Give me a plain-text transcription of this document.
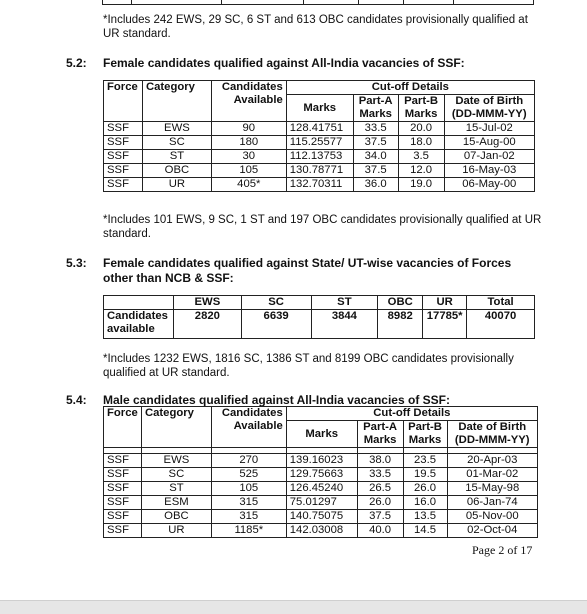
*Includes 242 EWS, 29 SC, 6 ST and 613 OBC candidates provisionally qualified at UR standard.
5.2: Female candidates qualified against All-India vacancies of SSF:
Force	Category	Candidates Available	Cut-off Details			
			Marks	Part-A Marks	Part-B Marks	Date of Birth (DD-MMM-YY)
SSF	EWS	90	128.41751	33.5	20.0	15-Jul-02
SSF	SC	180	115.25577	37.5	18.0	15-Aug-00
SSF	ST	30	112.13753	34.0	3.5	07-Jan-02
SSF	OBC	105	130.78771	37.5	12.0	16-May-03
SSF	UR	405*	132.70311	36.0	19.0	06-May-00
*Includes 101 EWS, 9 SC, 1 ST and 197 OBC candidates provisionally qualified at UR standard.
5.3: Female candidates qualified against State/ UT-wise vacancies of Forces other than NCB & SSF:
	EWS	SC	ST	OBC	UR	Total
Candidates available	2820	6639	3844	8982	17785*	40070
*Includes 1232 EWS, 1816 SC, 1386 ST and 8199 OBC candidates provisionally qualified at UR standard.
5.4: Male candidates qualified against All-India vacancies of SSF:
Force	Category	Candidates Available	Cut-off Details			
			Marks	Part-A Marks	Part-B Marks	Date of Birth (DD-MMM-YY)

SSF	EWS	270	139.16023	38.0	23.5	20-Apr-03
SSF	SC	525	129.75663	33.5	19.5	01-Mar-02
SSF	ST	105	126.45240	26.5	26.0	15-May-98
SSF	ESM	315	75.01297	26.0	16.0	06-Jan-74
SSF	OBC	315	140.75075	37.5	13.5	05-Nov-00
SSF	UR	1185*	142.03008	40.0	14.5	02-Oct-04
Page 2 of 17
